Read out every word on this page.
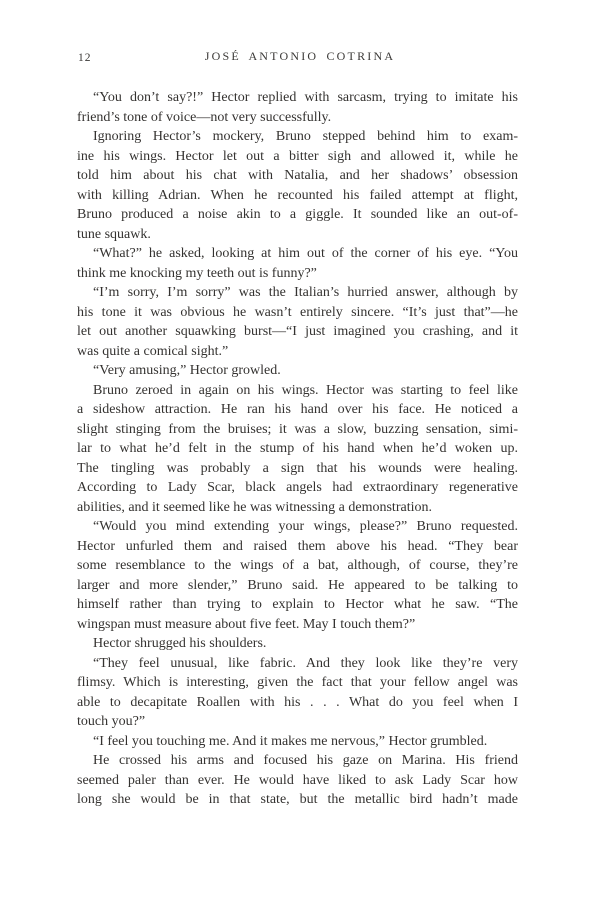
12	JOSÉ ANTONIO COTRINA
“You don’t say?!” Hector replied with sarcasm, trying to imitate his
friend’s tone of voice—not very successfully.
Ignoring Hector’s mockery, Bruno stepped behind him to exam-
ine his wings. Hector let out a bitter sigh and allowed it, while he
told him about his chat with Natalia, and her shadows’ obsession
with killing Adrian. When he recounted his failed attempt at flight,
Bruno produced a noise akin to a giggle. It sounded like an out-of-
tune squawk.
“What?” he asked, looking at him out of the corner of his eye. “You
think me knocking my teeth out is funny?”
“I’m sorry, I’m sorry” was the Italian’s hurried answer, although by
his tone it was obvious he wasn’t entirely sincere. “It’s just that”—he
let out another squawking burst—“I just imagined you crashing, and it
was quite a comical sight.”
“Very amusing,” Hector growled.
Bruno zeroed in again on his wings. Hector was starting to feel like
a sideshow attraction. He ran his hand over his face. He noticed a
slight stinging from the bruises; it was a slow, buzzing sensation, simi-
lar to what he’d felt in the stump of his hand when he’d woken up.
The tingling was probably a sign that his wounds were healing.
According to Lady Scar, black angels had extraordinary regenerative
abilities, and it seemed like he was witnessing a demonstration.
“Would you mind extending your wings, please?” Bruno requested.
Hector unfurled them and raised them above his head. “They bear
some resemblance to the wings of a bat, although, of course, they’re
larger and more slender,” Bruno said. He appeared to be talking to
himself rather than trying to explain to Hector what he saw. “The
wingspan must measure about five feet. May I touch them?”
Hector shrugged his shoulders.
“They feel unusual, like fabric. And they look like they’re very
flimsy. Which is interesting, given the fact that your fellow angel was
able to decapitate Roallen with his . . . What do you feel when I
touch you?”
“I feel you touching me. And it makes me nervous,” Hector grumbled.
He crossed his arms and focused his gaze on Marina. His friend
seemed paler than ever. He would have liked to ask Lady Scar how
long she would be in that state, but the metallic bird hadn’t made
